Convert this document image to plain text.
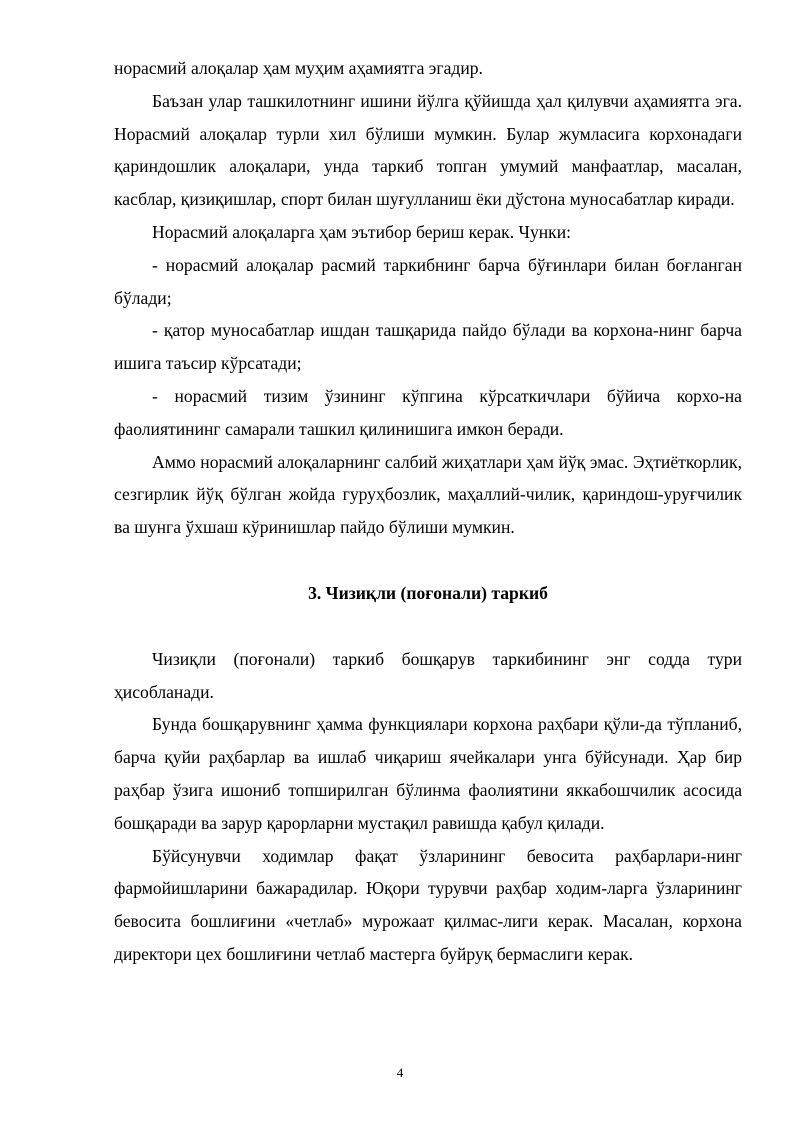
норасмий алоқалар ҳам муҳим аҳамиятга эгадир.

Баъзан улар ташкилотнинг ишини йўлга қўйишда ҳал қилувчи аҳамиятга эга. Норасмий алоқалар турли хил бўлиши мумкин. Булар жумласига корхонадаги қариндошлик алоқалари, унда таркиб топган умумий манфаатлар, масалан, касблар, қизиқишлар, спорт билан шуғулланиш ёки дўстона муносабатлар киради.

Норасмий алоқаларга ҳам эътибор бериш керак. Чунки:

- норасмий алоқалар расмий таркибнинг барча бўғинлари билан боғланган бўлади;

- қатор муносабатлар ишдан ташқарида пайдо бўлади ва корхона-нинг барча ишига таъсир кўрсатади;

- норасмий тизим ўзининг кўпгина кўрсаткичлари бўйича корхо-на фаолиятининг самарали ташкил қилинишига имкон беради.

Аммо норасмий алоқаларнинг салбий жиҳатлари ҳам йўқ эмас. Эҳтиёткорлик, сезгирлик йўқ бўлган жойда гуруҳбозлик, маҳаллий-чилик, қариндош-уруғчилик ва шунга ўхшаш кўринишлар пайдо бўлиши мумкин.

3. Чизиқли (поғонали) таркиб

Чизиқли (поғонали) таркиб бошқарув таркибининг энг содда тури ҳисобланади.

Бунда бошқарувнинг ҳамма функциялари корхона раҳбари қўли-да тўпланиб, барча қуйи раҳбарлар ва ишлаб чиқариш ячейкалари унга бўйсунади. Ҳар бир раҳбар ўзига ишониб топширилган бўлинма фаолиятини яккабошчилик асосида бошқаради ва зарур қарорларни мустақил равишда қабул қилади.

Бўйсунувчи ходимлар фақат ўзларининг бевосита раҳбарлари-нинг фармойишларини бажарадилар. Юқори турувчи раҳбар ходим-ларга ўзларининг бевосита бошлиғини «четлаб» мурожаат қилмас-лиги керак. Масалан, корхона директори цех бошлиғини четлаб мастерга буйруқ бермаслиги керак.

4
